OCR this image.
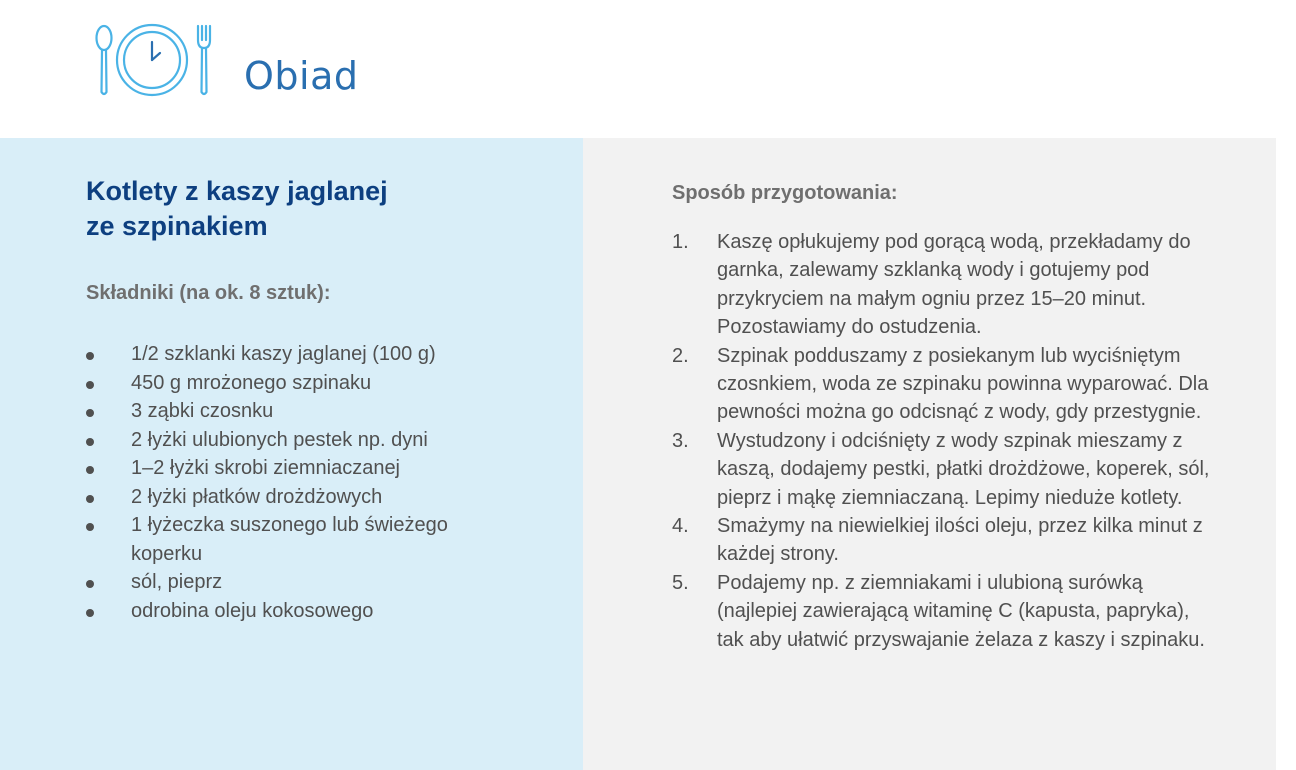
Obiad
Kotlety z kaszy jaglanej
ze szpinakiem
Składniki (na ok. 8 sztuk):
1/2 szklanki kaszy jaglanej (100 g)
450 g mrożonego szpinaku
3 ząbki czosnku
2 łyżki ulubionych pestek np. dyni
1–2 łyżki skrobi ziemniaczanej
2 łyżki płatków drożdżowych
1 łyżeczka suszonego lub świeżego koperku
sól, pieprz
odrobina oleju kokosowego
Sposób przygotowania:
1. Kaszę opłukujemy pod gorącą wodą, przekładamy do garnka, zalewamy szklanką wody i gotujemy pod przykryciem na małym ogniu przez 15–20 minut. Pozostawiamy do ostudzenia.
2. Szpinak podduszamy z posiekanym lub wyciśniętym czosnkiem, woda ze szpinaku powinna wyparować. Dla pewności można go odcisnąć z wody, gdy przestygnie.
3. Wystudzony i odciśnięty z wody szpinak mieszamy z kaszą, dodajemy pestki, płatki drożdżowe, koperek, sól, pieprz i mąkę ziemniaczaną. Lepimy nieduże kotlety.
4. Smażymy na niewielkiej ilości oleju, przez kilka minut z każdej strony.
5. Podajemy np. z ziemniakami i ulubioną surówką (najlepiej zawierającą witaminę C (kapusta, papryka), tak aby ułatwić przyswajanie żelaza z kaszy i szpinaku.
